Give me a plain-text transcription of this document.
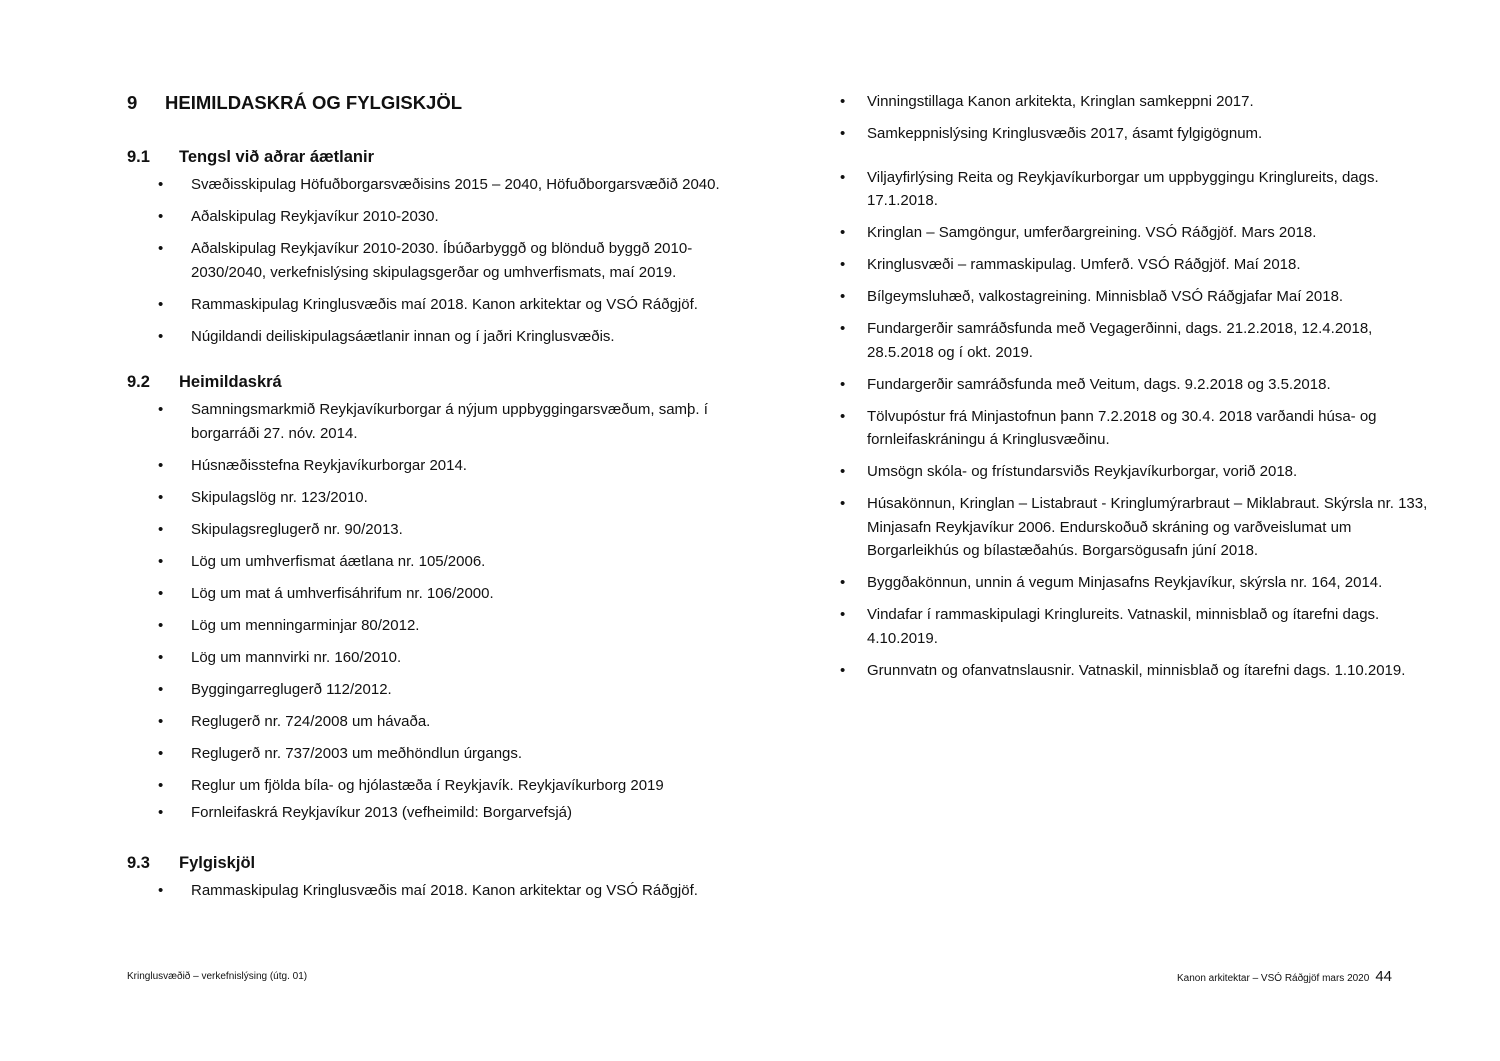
9	HEIMILDASKRÁ OG FYLGISKJÖL
9.1	Tengsl við aðrar áætlanir
• Svæðisskipulag Höfuðborgarsvæðisins 2015 – 2040, Höfuðborgarsvæðið 2040.
• Aðalskipulag Reykjavíkur 2010-2030.
• Aðalskipulag Reykjavíkur 2010-2030. Íbúðarbyggð og blönduð byggð 2010-2030/2040, verkefnislýsing skipulagsgerðar og umhverfismats, maí 2019.
• Rammaskipulag Kringlusvæðis maí 2018. Kanon arkitektar og VSÓ Ráðgjöf.
• Núgildandi deiliskipulagsáætlanir innan og í jaðri Kringlusvæðis.
9.2	Heimildaskrá
• Samningsmarkmið Reykjavíkurborgar á nýjum uppbyggingarsvæðum, samþ. í borgarráði 27. nóv. 2014.
• Húsnæðisstefna Reykjavíkurborgar 2014.
• Skipulagslög nr. 123/2010.
• Skipulagsreglugerð nr. 90/2013.
• Lög um umhverfismat áætlana nr. 105/2006.
• Lög um mat á umhverfisáhrifum nr. 106/2000.
• Lög um menningarminjar 80/2012.
• Lög um mannvirki nr. 160/2010.
• Byggingarreglugerð 112/2012.
• Reglugerð nr. 724/2008 um hávaða.
• Reglugerð nr. 737/2003 um meðhöndlun úrgangs.
• Reglur um fjölda bíla- og hjólastæða í Reykjavík. Reykjavíkurborg 2019
• Fornleifaskrá Reykjavíkur 2013 (vefheimild: Borgarvefsjá)
9.3	Fylgiskjöl
• Rammaskipulag Kringlusvæðis maí 2018. Kanon arkitektar og VSÓ Ráðgjöf.
• Vinningstillaga Kanon arkitekta, Kringlan samkeppni 2017.
• Samkeppnislýsing Kringlusvæðis 2017, ásamt fylgigögnum.
• Viljayfirlýsing Reita og Reykjavíkurborgar um uppbyggingu Kringlureits, dags. 17.1.2018.
• Kringlan – Samgöngur, umferðargreining. VSÓ Ráðgjöf. Mars 2018.
• Kringlusvæði – rammaskipulag. Umferð. VSÓ Ráðgjöf. Maí 2018.
• Bílgeymsluhæð, valkostagreining. Minnisblað VSÓ Ráðgjafar Maí 2018.
• Fundargerðir samráðsfunda með Vegagerðinni, dags. 21.2.2018, 12.4.2018, 28.5.2018 og í okt. 2019.
• Fundargerðir samráðsfunda með Veitum, dags. 9.2.2018 og 3.5.2018.
• Tölvupóstur frá Minjastofnun þann 7.2.2018 og 30.4. 2018 varðandi húsa- og fornleifaskráningu á Kringlusvæðinu.
• Umsögn skóla- og frístundarsviðs Reykjavíkurborgar, vorið 2018.
• Húsakönnun, Kringlan – Listabraut - Kringlumýrarbraut – Miklabraut. Skýrsla nr. 133, Minjasafn Reykjavíkur 2006. Endurskoðuð skráning og varðveislumat um Borgarleikhús og bílastæðahús. Borgarsögusafn júní 2018.
• Byggðakönnun, unnin á vegum Minjasafns Reykjavíkur, skýrsla nr. 164, 2014.
• Vindafar í rammaskipulagi Kringlureits. Vatnaskil, minnisblað og ítarefni dags. 4.10.2019.
• Grunnvatn og ofanvatnslausnir. Vatnaskil, minnisblað og ítarefni dags. 1.10.2019.
Kringlusvæðið – verkefnislýsing (útg. 01)	Kanon arkitektar – VSÓ Ráðgjöf mars 2020 44
